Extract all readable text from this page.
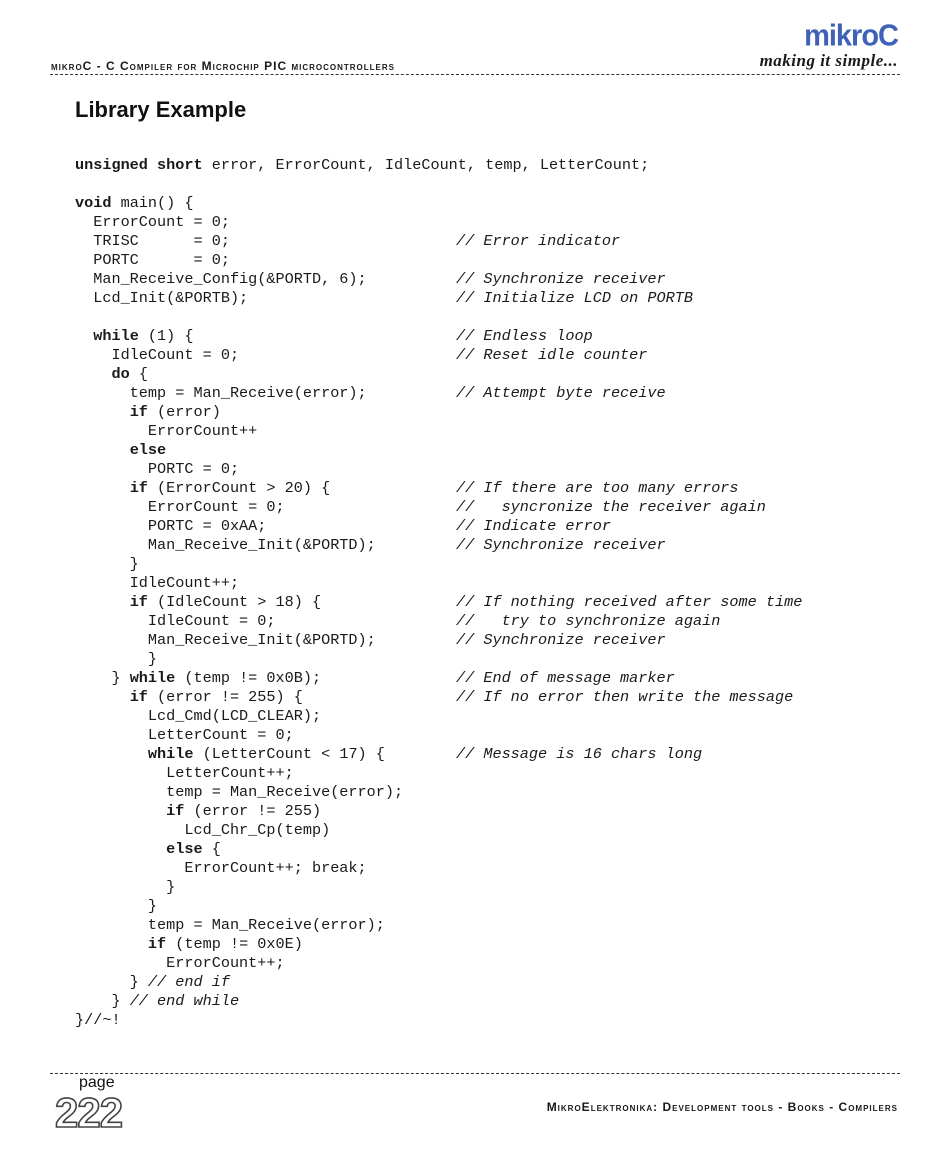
mikroC
making it simple...
mikroC - C Compiler for Microchip PIC microcontrollers
Library Example
unsigned short error, ErrorCount, IdleCount, temp, LetterCount;
void main() {
ErrorCount = 0;
TRISC      = 0;	// Error indicator
PORTC      = 0;
Man_Receive_Config(&PORTD, 6);	// Synchronize receiver
Lcd_Init(&PORTB);	// Initialize LCD on PORTB
while (1) {	// Endless loop
IdleCount = 0;	// Reset idle counter
do {
temp = Man_Receive(error);	// Attempt byte receive
if (error)
ErrorCount++
else
PORTC = 0;
if (ErrorCount > 20) {	// If there are too many errors
ErrorCount = 0;	//   syncronize the receiver again
PORTC = 0xAA;	// Indicate error
Man_Receive_Init(&PORTD);	// Synchronize receiver
}
IdleCount++;
if (IdleCount > 18) {	// If nothing received after some time
IdleCount = 0;	//   try to synchronize again
Man_Receive_Init(&PORTD);	// Synchronize receiver
}
} while (temp != 0x0B);	// End of message marker
if (error != 255) {	// If no error then write the message
Lcd_Cmd(LCD_CLEAR);
LetterCount = 0;
while (LetterCount < 17) {	// Message is 16 chars long
LetterCount++;
temp = Man_Receive(error);
if (error != 255)
Lcd_Chr_Cp(temp)
else {
ErrorCount++; break;
}
}
temp = Man_Receive(error);
if (temp != 0x0E)
ErrorCount++;
} // end if
} // end while
}//~!
page
222	MikroElektronika: Development tools - Books - Compilers
